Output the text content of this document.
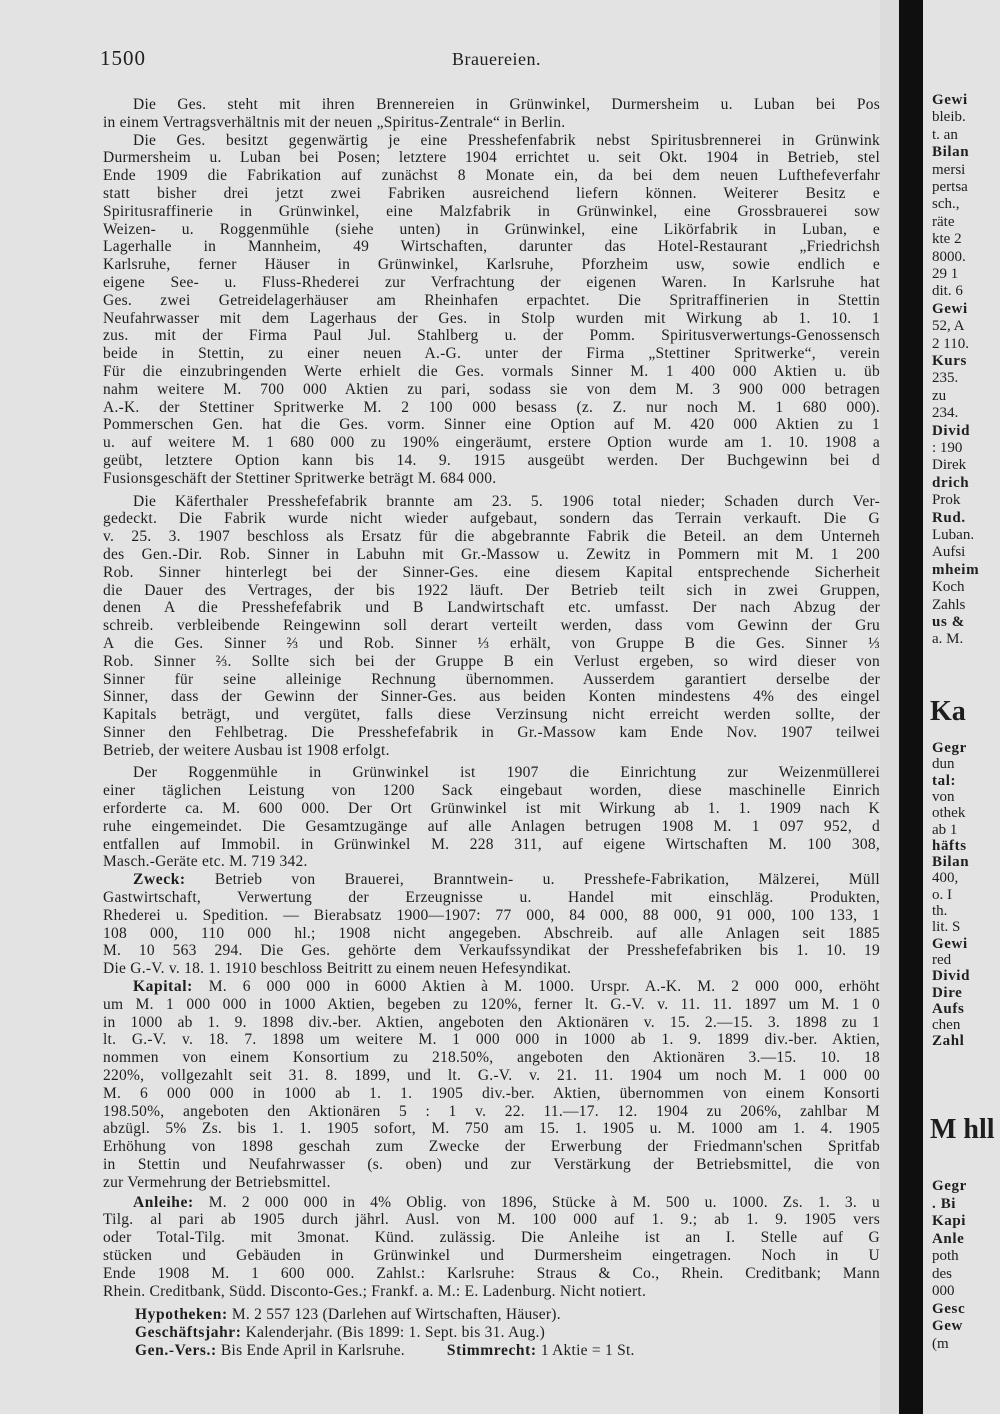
1500	Brauereien.
Die Ges. steht mit ihren Brennereien in Grünwinkel, Durmersheim u. Luban bei Pos
in einem Vertragsverhältnis mit der neuen „Spiritus-Zentrale“ in Berlin.
Die Ges. besitzt gegenwärtig je eine Presshefenfabrik nebst Spiritusbrennerei in Grünwink
Durmersheim u. Luban bei Posen; letztere 1904 errichtet u. seit Okt. 1904 in Betrieb, stel
Ende 1909 die Fabrikation auf zunächst 8 Monate ein, da bei dem neuen Lufthefeverfahr
statt bisher drei jetzt zwei Fabriken ausreichend liefern können. Weiterer Besitz e
Spiritusraffinerie in Grünwinkel, eine Malzfabrik in Grünwinkel, eine Grossbrauerei sow
Weizen- u. Roggenmühle (siehe unten) in Grünwinkel, eine Likörfabrik in Luban, e
Lagerhalle in Mannheim, 49 Wirtschaften, darunter das Hotel-Restaurant „Friedrichsh
Karlsruhe, ferner Häuser in Grünwinkel, Karlsruhe, Pforzheim usw, sowie endlich e
eigene See- u. Fluss-Rhederei zur Verfrachtung der eigenen Waren. In Karlsruhe hat
Ges. zwei Getreidelagerhäuser am Rheinhafen erpachtet. Die Spritraffinerien in Stettin
Neufahrwasser mit dem Lagerhaus der Ges. in Stolp wurden mit Wirkung ab 1. 10. 1
zus. mit der Firma Paul Jul. Stahlberg u. der Pomm. Spiritusverwertungs-Genossensch
beide in Stettin, zu einer neuen A.-G. unter der Firma „Stettiner Spritwerke“, verein
Für die einzubringenden Werte erhielt die Ges. vormals Sinner M. 1 400 000 Aktien u. üb
nahm weitere M. 700 000 Aktien zu pari, sodass sie von dem M. 3 900 000 betragen
A.-K. der Stettiner Spritwerke M. 2 100 000 besass (z. Z. nur noch M. 1 680 000).
Pommerschen Gen. hat die Ges. vorm. Sinner eine Option auf M. 420 000 Aktien zu 1
u. auf weitere M. 1 680 000 zu 190% eingeräumt, erstere Option wurde am 1. 10. 1908 a
geübt, letztere Option kann bis 14. 9. 1915 ausgeübt werden. Der Buchgewinn bei d
Fusionsgeschäft der Stettiner Spritwerke beträgt M. 684 000.
Die Käferthaler Presshefefabrik brannte am 23. 5. 1906 total nieder; Schaden durch Ver-
gedeckt. Die Fabrik wurde nicht wieder aufgebaut, sondern das Terrain verkauft. Die G
v. 25. 3. 1907 beschloss als Ersatz für die abgebrannte Fabrik die Beteil. an dem Unterneh
des Gen.-Dir. Rob. Sinner in Labuhn mit Gr.-Massow u. Zewitz in Pommern mit M. 1 200
Rob. Sinner hinterlegt bei der Sinner-Ges. eine diesem Kapital entsprechende Sicherheit
die Dauer des Vertrages, der bis 1922 läuft. Der Betrieb teilt sich in zwei Gruppen,
denen A die Presshefefabrik und B Landwirtschaft etc. umfasst. Der nach Abzug der
schreib. verbleibende Reingewinn soll derart verteilt werden, dass vom Gewinn der Gru
A die Ges. Sinner ⅔ und Rob. Sinner ⅓ erhält, von Gruppe B die Ges. Sinner ⅓
Rob. Sinner ⅔. Sollte sich bei der Gruppe B ein Verlust ergeben, so wird dieser von
Sinner für seine alleinige Rechnung übernommen. Ausserdem garantiert derselbe der
Sinner, dass der Gewinn der Sinner-Ges. aus beiden Konten mindestens 4% des eingel
Kapitals beträgt, und vergütet, falls diese Verzinsung nicht erreicht werden sollte, der
Sinner den Fehlbetrag. Die Presshefefabrik in Gr.-Massow kam Ende Nov. 1907 teilwei
Betrieb, der weitere Ausbau ist 1908 erfolgt.
Der Roggenmühle in Grünwinkel ist 1907 die Einrichtung zur Weizenmüllerei
einer täglichen Leistung von 1200 Sack eingebaut worden, diese maschinelle Einrich
erforderte ca. M. 600 000. Der Ort Grünwinkel ist mit Wirkung ab 1. 1. 1909 nach K
ruhe eingemeindet. Die Gesamtzugänge auf alle Anlagen betrugen 1908 M. 1 097 952, d
entfallen auf Immobil. in Grünwinkel M. 228 311, auf eigene Wirtschaften M. 100 308,
Masch.-Geräte etc. M. 719 342.
Zweck: Betrieb von Brauerei, Branntwein- u. Presshefe-Fabrikation, Mälzerei, Müll
Gastwirtschaft, Verwertung der Erzeugnisse u. Handel mit einschläg. Produkten,
Rhederei u. Spedition. — Bierabsatz 1900—1907: 77 000, 84 000, 88 000, 91 000, 100 133, 1
108 000, 110 000 hl.; 1908 nicht angegeben. Abschreib. auf alle Anlagen seit 1885
M. 10 563 294. Die Ges. gehörte dem Verkaufssyndikat der Presshefefabriken bis 1. 10. 19
Die G.-V. v. 18. 1. 1910 beschloss Beitritt zu einem neuen Hefesyndikat.
Kapital: M. 6 000 000 in 6000 Aktien à M. 1000. Urspr. A.-K. M. 2 000 000, erhöht
um M. 1 000 000 in 1000 Aktien, begeben zu 120%, ferner lt. G.-V. v. 11. 11. 1897 um M. 1 0
in 1000 ab 1. 9. 1898 div.-ber. Aktien, angeboten den Aktionären v. 15. 2.—15. 3. 1898 zu 1
lt. G.-V. v. 18. 7. 1898 um weitere M. 1 000 000 in 1000 ab 1. 9. 1899 div.-ber. Aktien,
nommen von einem Konsortium zu 218.50%, angeboten den Aktionären 3.—15. 10. 18
220%, vollgezahlt seit 31. 8. 1899, und lt. G.-V. v. 21. 11. 1904 um noch M. 1 000 00
M. 6 000 000 in 1000 ab 1. 1. 1905 div.-ber. Aktien, übernommen von einem Konsorti
198.50%, angeboten den Aktionären 5 : 1 v. 22. 11.—17. 12. 1904 zu 206%, zahlbar M
abzügl. 5% Zs. bis 1. 1. 1905 sofort, M. 750 am 15. 1. 1905 u. M. 1000 am 1. 4. 1905
Erhöhung von 1898 geschah zum Zwecke der Erwerbung der Friedmann'schen Spritfab
in Stettin und Neufahrwasser (s. oben) und zur Verstärkung der Betriebsmittel, die von
zur Vermehrung der Betriebsmittel.
Anleihe: M. 2 000 000 in 4% Oblig. von 1896, Stücke à M. 500 u. 1000. Zs. 1. 3. u
Tilg. al pari ab 1905 durch jährl. Ausl. von M. 100 000 auf 1. 9.; ab 1. 9. 1905 vers
oder Total-Tilg. mit 3monat. Künd. zulässig. Die Anleihe ist an I. Stelle auf G
stücken und Gebäuden in Grünwinkel und Durmersheim eingetragen. Noch in U
Ende 1908 M. 1 600 000. Zahlst.: Karlsruhe: Straus & Co., Rhein. Creditbank; Mann
Rhein. Creditbank, Südd. Disconto-Ges.; Frankf. a. M.: E. Ladenburg. Nicht notiert.
Hypotheken: M. 2 557 123 (Darlehen auf Wirtschaften, Häuser).
Geschäftsjahr: Kalenderjahr. (Bis 1899: 1. Sept. bis 31. Aug.)
Gen.-Vers.: Bis Ende April in Karlsruhe.	Stimmrecht: 1 Aktie = 1 St.
Gewi
bleib.
t. an
Bilan
mersi
pertsa
sch.,
räte
kte 2
8000.
29 1
dit. 6
Gewi
52, A
2 110.
Kurs
235.
zu
234.
Divid
: 190
Direk
drich
Prok
Rud.
Luban.
Aufsi
mheim
Koch
Zahls
us &
a. M.
Ka
Gegr
dun
tal:
von
othek
ab 1
häfts
Bilan
400,
o. I
th.
lit. S
Gewi
red
Divid
Dire
Aufs
chen
Zahl
M hll
Gegr
. Bi
Kapi
Anle
poth
des
000
Gesc
Gew
(m
